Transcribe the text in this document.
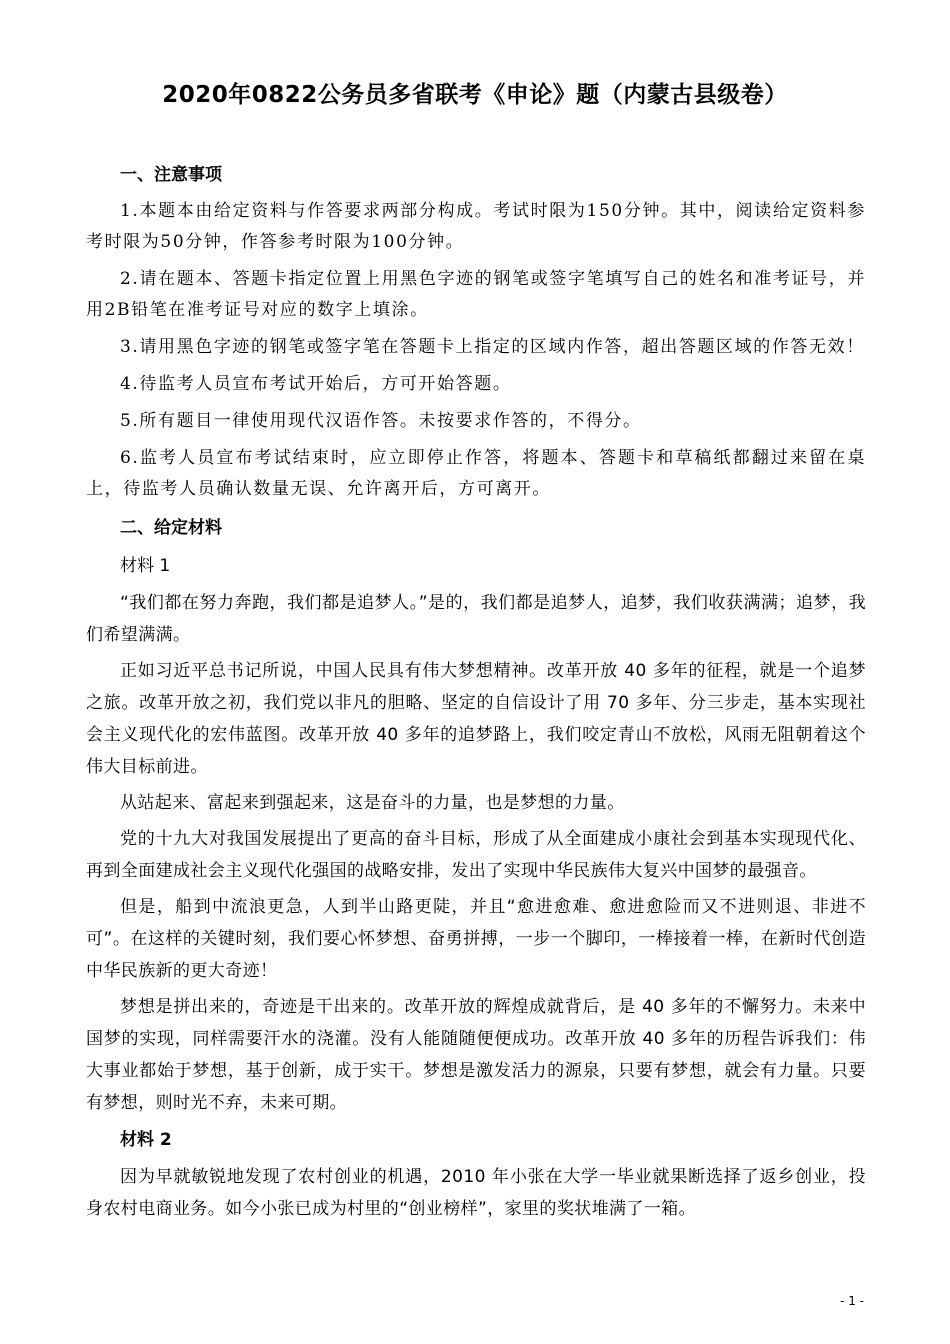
2020年0822公务员多省联考《申论》题（内蒙古县级卷）
一、注意事项
1.本题本由给定资料与作答要求两部分构成。考试时限为150分钟。其中，阅读给定资料参考时限为50分钟，作答参考时限为100分钟。
2.请在题本、答题卡指定位置上用黑色字迹的钢笔或签字笔填写自己的姓名和准考证号，并用2B铅笔在准考证号对应的数字上填涂。
3.请用黑色字迹的钢笔或签字笔在答题卡上指定的区域内作答，超出答题区域的作答无效！
4.待监考人员宣布考试开始后，方可开始答题。
5.所有题目一律使用现代汉语作答。未按要求作答的，不得分。
6.监考人员宣布考试结束时，应立即停止作答，将题本、答题卡和草稿纸都翻过来留在桌上，待监考人员确认数量无误、允许离开后，方可离开。
二、给定材料
材料 1
“我们都在努力奔跑，我们都是追梦人。”是的，我们都是追梦人，追梦，我们收获满满；追梦，我们希望满满。
正如习近平总书记所说，中国人民具有伟大梦想精神。改革开放 40 多年的征程，就是一个追梦之旅。改革开放之初，我们党以非凡的胆略、坚定的自信设计了用 70 多年、分三步走，基本实现社会主义现代化的宏伟蓝图。改革开放 40 多年的追梦路上，我们咬定青山不放松，风雨无阻朝着这个伟大目标前进。
从站起来、富起来到强起来，这是奋斗的力量，也是梦想的力量。
党的十九大对我国发展提出了更高的奋斗目标，形成了从全面建成小康社会到基本实现现代化、再到全面建成社会主义现代化强国的战略安排，发出了实现中华民族伟大复兴中国梦的最强音。
但是，船到中流浪更急，人到半山路更陡，并且“愈进愈难、愈进愈险而又不进则退、非进不可”。在这样的关键时刻，我们要心怀梦想、奋勇拼搏，一步一个脚印，一棒接着一棒，在新时代创造中华民族新的更大奇迹！
梦想是拼出来的，奇迹是干出来的。改革开放的辉煌成就背后，是 40 多年的不懈努力。未来中国梦的实现，同样需要汗水的浇灌。没有人能随随便便成功。改革开放 40 多年的历程告诉我们：伟大事业都始于梦想，基于创新，成于实干。梦想是激发活力的源泉，只要有梦想，就会有力量。只要有梦想，则时光不弃，未来可期。
材料 2
因为早就敏锐地发现了农村创业的机遇，2010 年小张在大学一毕业就果断选择了返乡创业，投身农村电商业务。如今小张已成为村里的“创业榜样”，家里的奖状堆满了一箱。
- 1 -
